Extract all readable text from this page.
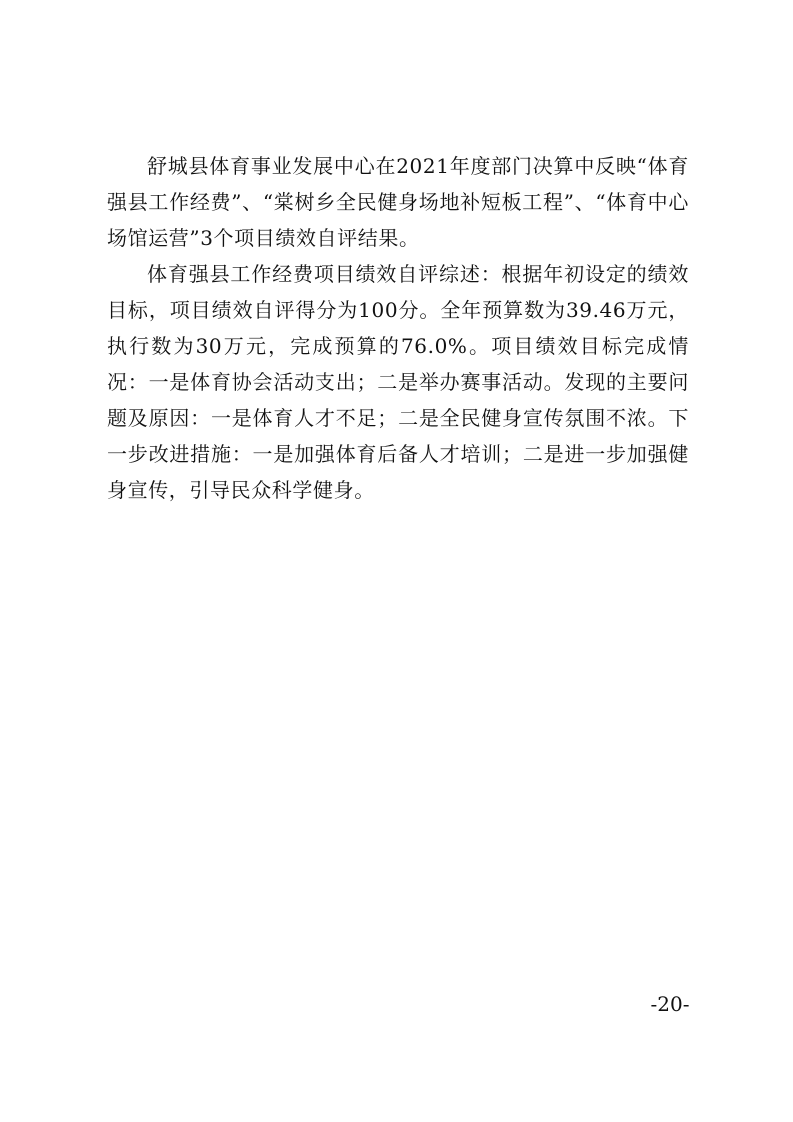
舒城县体育事业发展中心在2021年度部门决算中反映“体育强县工作经费”、“棠树乡全民健身场地补短板工程”、“体育中心场馆运营”3个项目绩效自评结果。

体育强县工作经费项目绩效自评综述：根据年初设定的绩效目标，项目绩效自评得分为100分。全年预算数为39.46万元，执行数为30万元，完成预算的76.0%。项目绩效目标完成情况：一是体育协会活动支出；二是举办赛事活动。发现的主要问题及原因：一是体育人才不足；二是全民健身宣传氛围不浓。下一步改进措施：一是加强体育后备人才培训；二是进一步加强健身宣传，引导民众科学健身。

-20-
